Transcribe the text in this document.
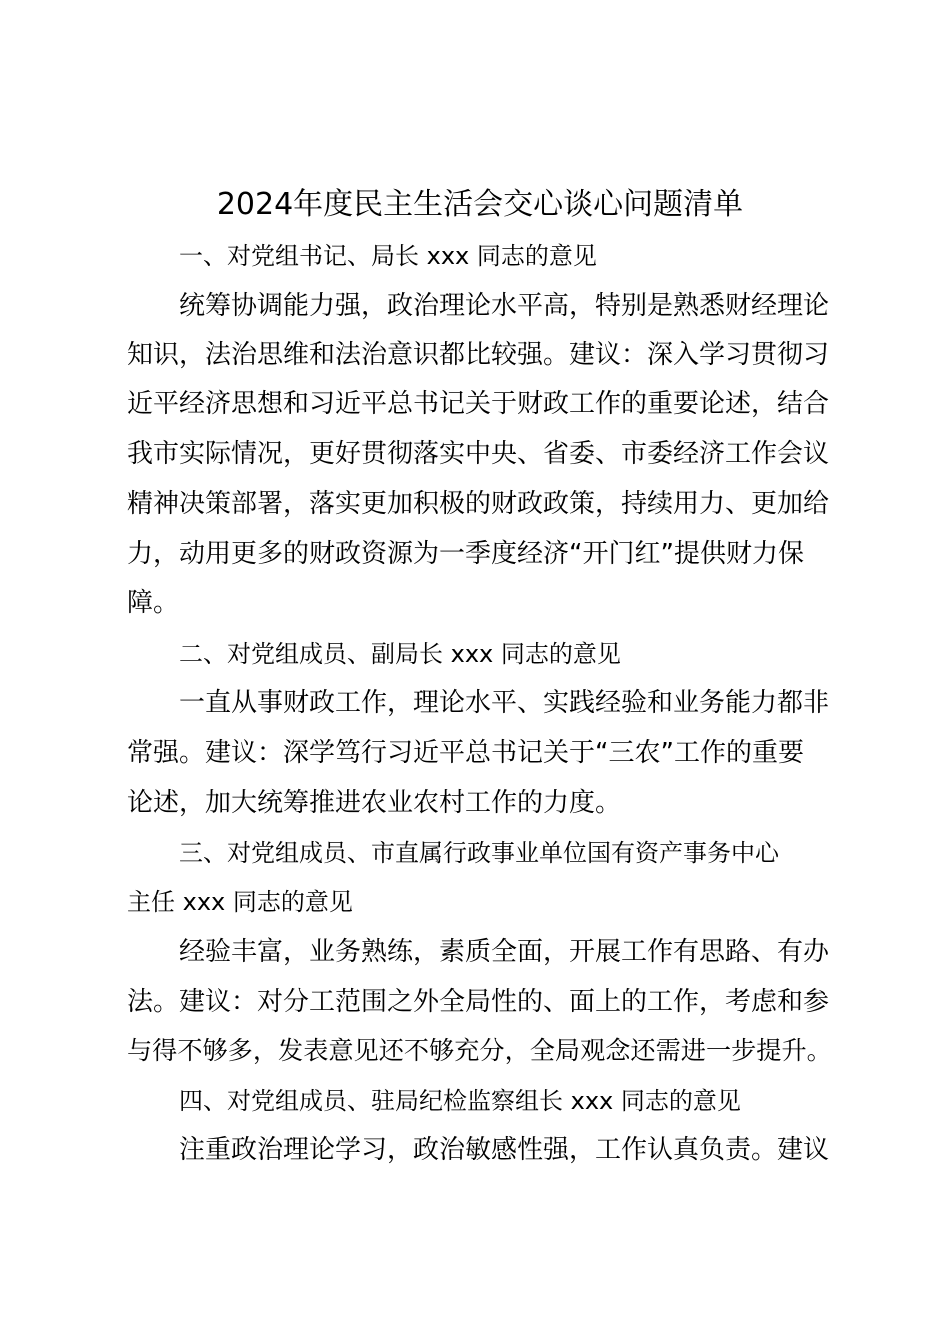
2024年度民主生活会交心谈心问题清单
一、对党组书记、局长 xxx 同志的意见
统筹协调能力强，政治理论水平高，特别是熟悉财经理论
知识，法治思维和法治意识都比较强。建议：深入学习贯彻习
近平经济思想和习近平总书记关于财政工作的重要论述，结合
我市实际情况，更好贯彻落实中央、省委、市委经济工作会议
精神决策部署，落实更加积极的财政政策，持续用力、更加给
力，动用更多的财政资源为一季度经济“开门红”提供财力保
障。
二、对党组成员、副局长 xxx 同志的意见
一直从事财政工作，理论水平、实践经验和业务能力都非
常强。建议：深学笃行习近平总书记关于“三农”工作的重要
论述，加大统筹推进农业农村工作的力度。
三、对党组成员、市直属行政事业单位国有资产事务中心
主任 xxx 同志的意见
经验丰富，业务熟练，素质全面，开展工作有思路、有办
法。建议：对分工范围之外全局性的、面上的工作，考虑和参
与得不够多，发表意见还不够充分，全局观念还需进一步提升。
四、对党组成员、驻局纪检监察组长 xxx 同志的意见
注重政治理论学习，政治敏感性强，工作认真负责。建议
